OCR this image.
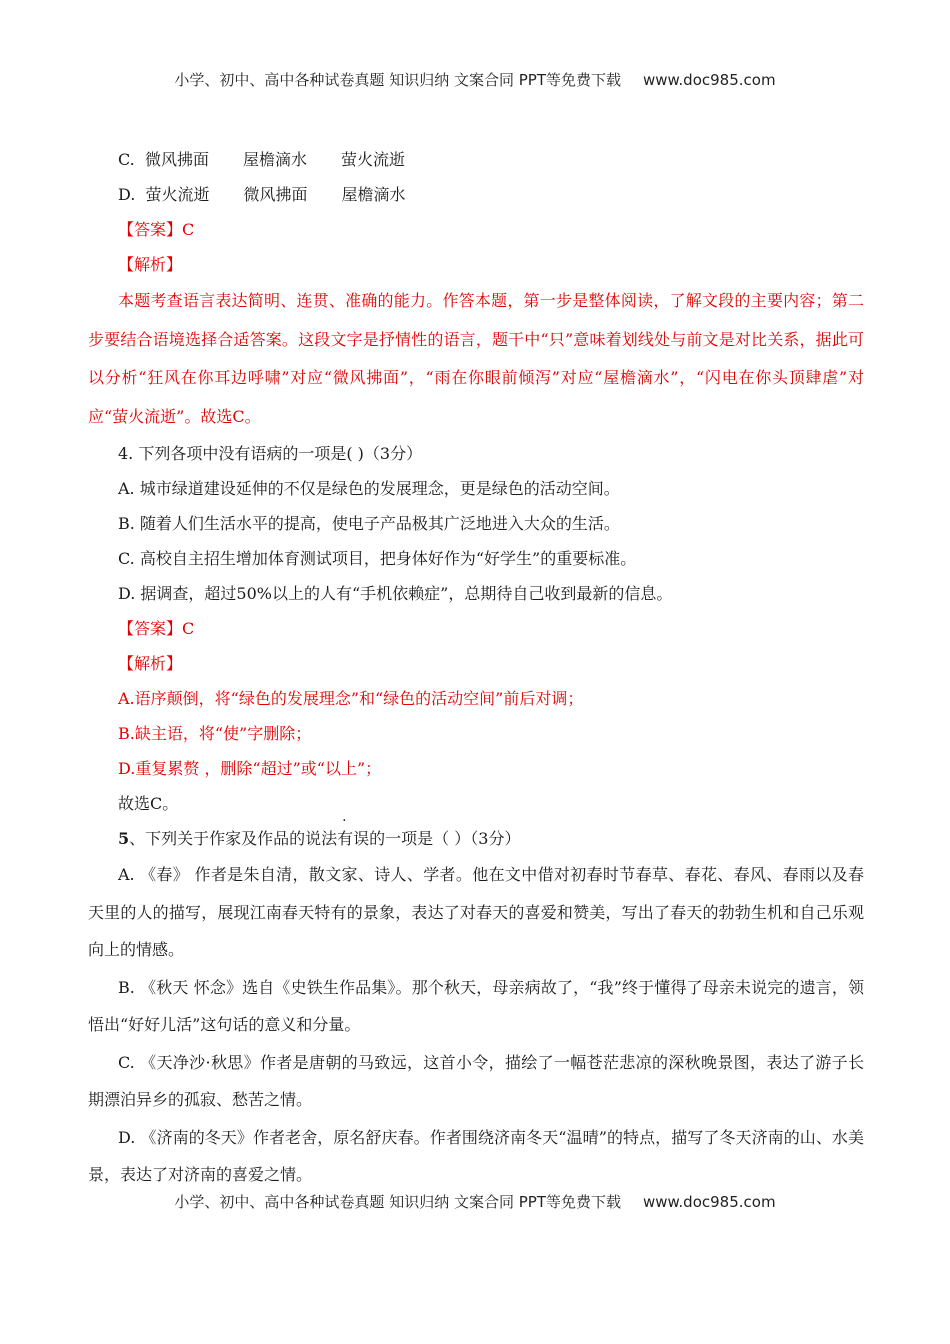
小学、初中、高中各种试卷真题 知识归纳 文案合同 PPT等免费下载 www.doc985.com

C. 微风拂面 屋檐滴水 萤火流逝

D. 萤火流逝 微风拂面 屋檐滴水

【答案】C

【解析】

本题考查语言表达简明、连贯、准确的能力。作答本题，第一步是整体阅读，了解文段的主要内容；第二步要结合语境选择合适答案。这段文字是抒情性的语言，题干中“只”意味着划线处与前文是对比关系，据此可以分析“狂风在你耳边呼啸”对应“微风拂面”，“雨在你眼前倾泻”对应“屋檐滴水”，“闪电在你头顶肆虐”对应“萤火流逝”。故选C。

4. 下列各项中没有语病的一项是( )（3分）

A. 城市绿道建设延伸的不仅是绿色的发展理念，更是绿色的活动空间。

B. 随着人们生活水平的提高，使电子产品极其广泛地进入大众的生活。

C. 高校自主招生增加体育测试项目，把身体好作为“好学生”的重要标准。

D. 据调查，超过50%以上的人有“手机依赖症”，总期待自己收到最新的信息。

【答案】C

【解析】

A.语序颠倒，将“绿色的发展理念”和“绿色的活动空间”前后对调；

B.缺主语，将“使”字删除；

D.重复累赘 ，删除“超过”或“以上”；

故选C。

5、下列关于作家及作品的说法有误的一项是（ ）（3分）

A. 《春》 作者是朱自清，散文家、诗人、学者。他在文中借对初春时节春草、春花、春风、春雨以及春天里的人的描写，展现江南春天特有的景象，表达了对春天的喜爱和赞美，写出了春天的勃勃生机和自己乐观向上的情感。

B. 《秋天 怀念》选自《史铁生作品集》。那个秋天，母亲病故了，“我”终于懂得了母亲未说完的遗言，领悟出“好好儿活”这句话的意义和分量。

C. 《天净沙·秋思》作者是唐朝的马致远，这首小令，描绘了一幅苍茫悲凉的深秋晚景图，表达了游子长期漂泊异乡的孤寂、愁苦之情。

D. 《济南的冬天》作者老舍，原名舒庆春。作者围绕济南冬天“温晴”的特点，描写了冬天济南的山、水美景，表达了对济南的喜爱之情。

小学、初中、高中各种试卷真题 知识归纳 文案合同 PPT等免费下载 www.doc985.com
